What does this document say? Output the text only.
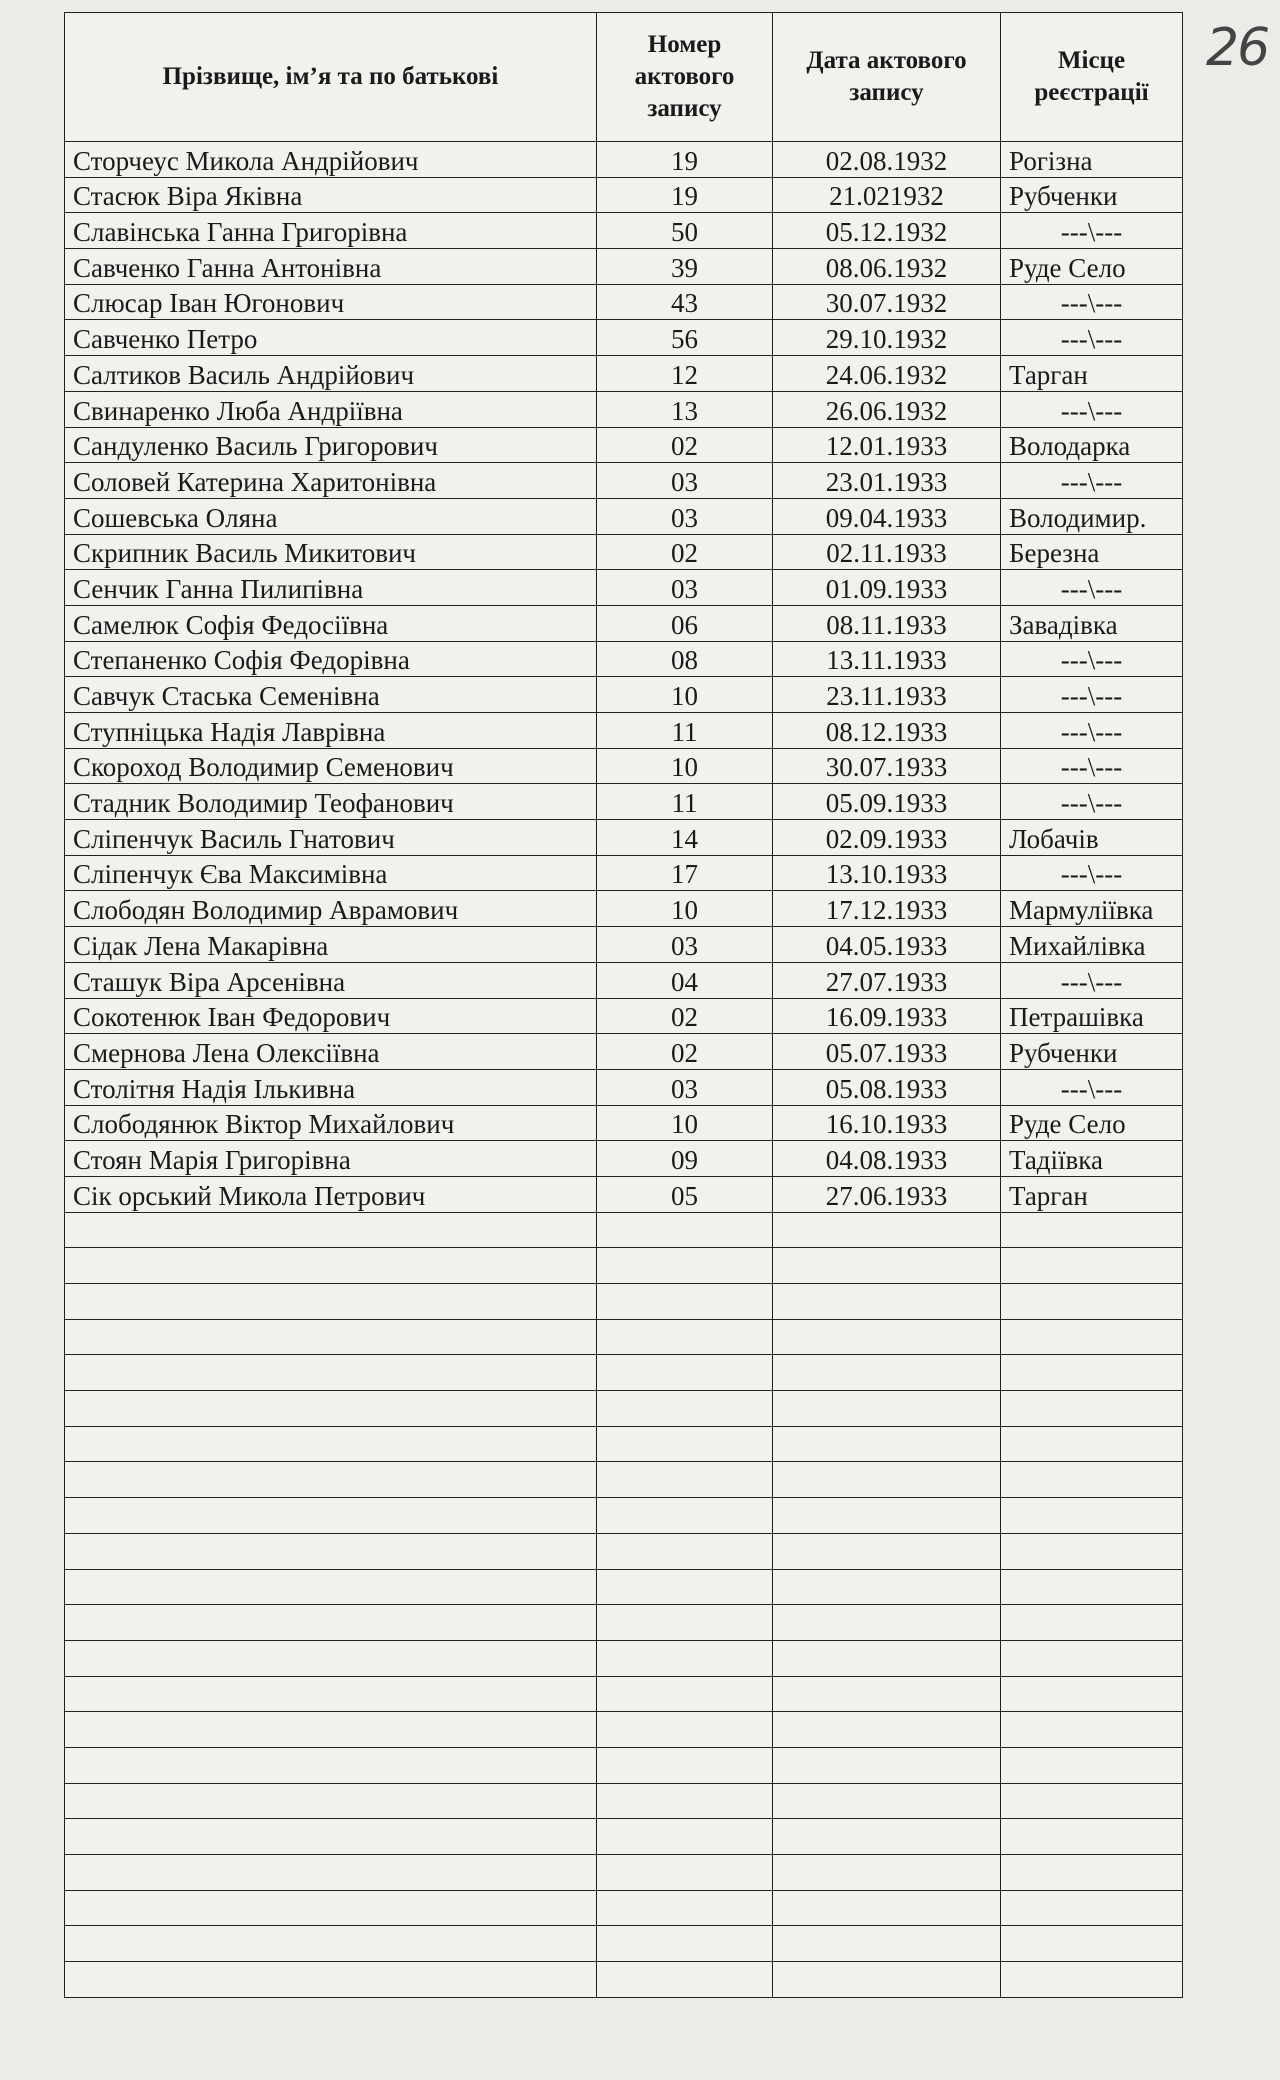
26
Прізвище, ім’я та по батькові	Номер актового запису	Дата актового запису	Місце реєстрації
Сторчеус Микола Андрійович	19	02.08.1932	Рогізна
Стасюк Віра Яківна	19	21.021932	Рубченки
Славінська Ганна Григорівна	50	05.12.1932	---\---
Савченко Ганна Антонівна	39	08.06.1932	Руде Село
Слюсар Іван Югонович	43	30.07.1932	---\---
Савченко Петро	56	29.10.1932	---\---
Салтиков Василь Андрійович	12	24.06.1932	Тарган
Свинаренко Люба Андріївна	13	26.06.1932	---\---
Сандуленко Василь Григорович	02	12.01.1933	Володарка
Соловей Катерина Харитонівна	03	23.01.1933	---\---
Сошевська Оляна	03	09.04.1933	Володимир.
Скрипник Василь Микитович	02	02.11.1933	Березна
Сенчик Ганна Пилипівна	03	01.09.1933	---\---
Самелюк Софія Федосіївна	06	08.11.1933	Завадівка
Степаненко Софія Федорівна	08	13.11.1933	---\---
Савчук Стаська Семенівна	10	23.11.1933	---\---
Ступніцька Надія Лаврівна	11	08.12.1933	---\---
Скороход Володимир Семенович	10	30.07.1933	---\---
Стадник Володимир Теофанович	11	05.09.1933	---\---
Сліпенчук Василь Гнатович	14	02.09.1933	Лобачів
Сліпенчук Єва Максимівна	17	13.10.1933	---\---
Слободян Володимир Аврамович	10	17.12.1933	Мармуліївка
Сідак Лена Макарівна	03	04.05.1933	Михайлівка
Сташук Віра Арсенівна	04	27.07.1933	---\---
Сокотенюк Іван Федорович	02	16.09.1933	Петрашівка
Смернова Лена Олексіївна	02	05.07.1933	Рубченки
Столітня Надія Ількивна	03	05.08.1933	---\---
Слободянюк Віктор Михайлович	10	16.10.1933	Руде Село
Стоян Марія Григорівна	09	04.08.1933	Тадіївка
Сік орський Микола Петрович	05	27.06.1933	Тарган
